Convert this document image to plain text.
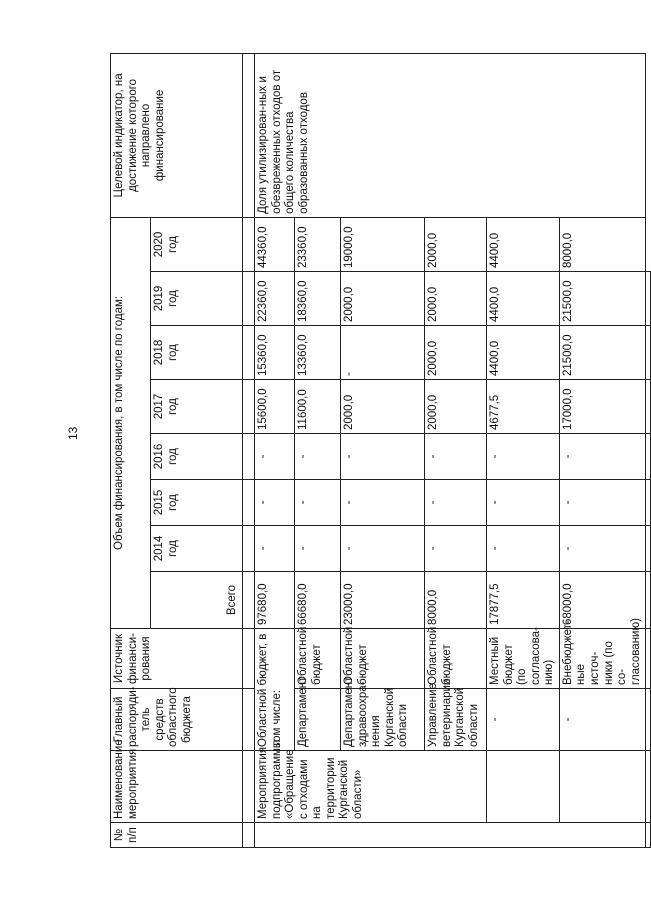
13
№ п/п	Наименование мероприятия	Главный распоряди-тель средств областного бюджета	Источник финанси-рования	Объем финансирования, в том числе по годам:								Целевой индикатор, на достижение которого направлено финансирование
				Всего	2014 год	2015 год	2016 год	2017 год	2018 год	2019 год	2020 год	

	Мероприятия подпрограммы «Обращение с отходами на территории Курганской области»	Областной бюджет, в том числе:		97680,0	-	-	-	15600,0	15360,0	22360,0	44360,0	Доля утилизирован-ных и обезвреженных отходов от общего количества образованных отходов
		Департамент	Областной бюджет	66680,0	-	-	-	11600,0	13360,0	18360,0	23360,0	
		Департамент здравоохра-нения Курганской области	Областной бюджет	23000,0	-	-	-	2000,0	-	2000,0	19000,0	
		Управление ветеринарии Курганской области	Областной бюджет	8000,0	-	-	-	2000,0	2000,0	2000,0	2000,0	
		-	Местный бюджет (по согласова-нию)	17877,5	-	-	-	4677,5	4400,0	4400,0	4400,0	
		-	Внебюджет-ные источ-ники (по со-гласованию)	68000,0	-	-	-	17000,0	21500,0	21500,0	8000,0	
